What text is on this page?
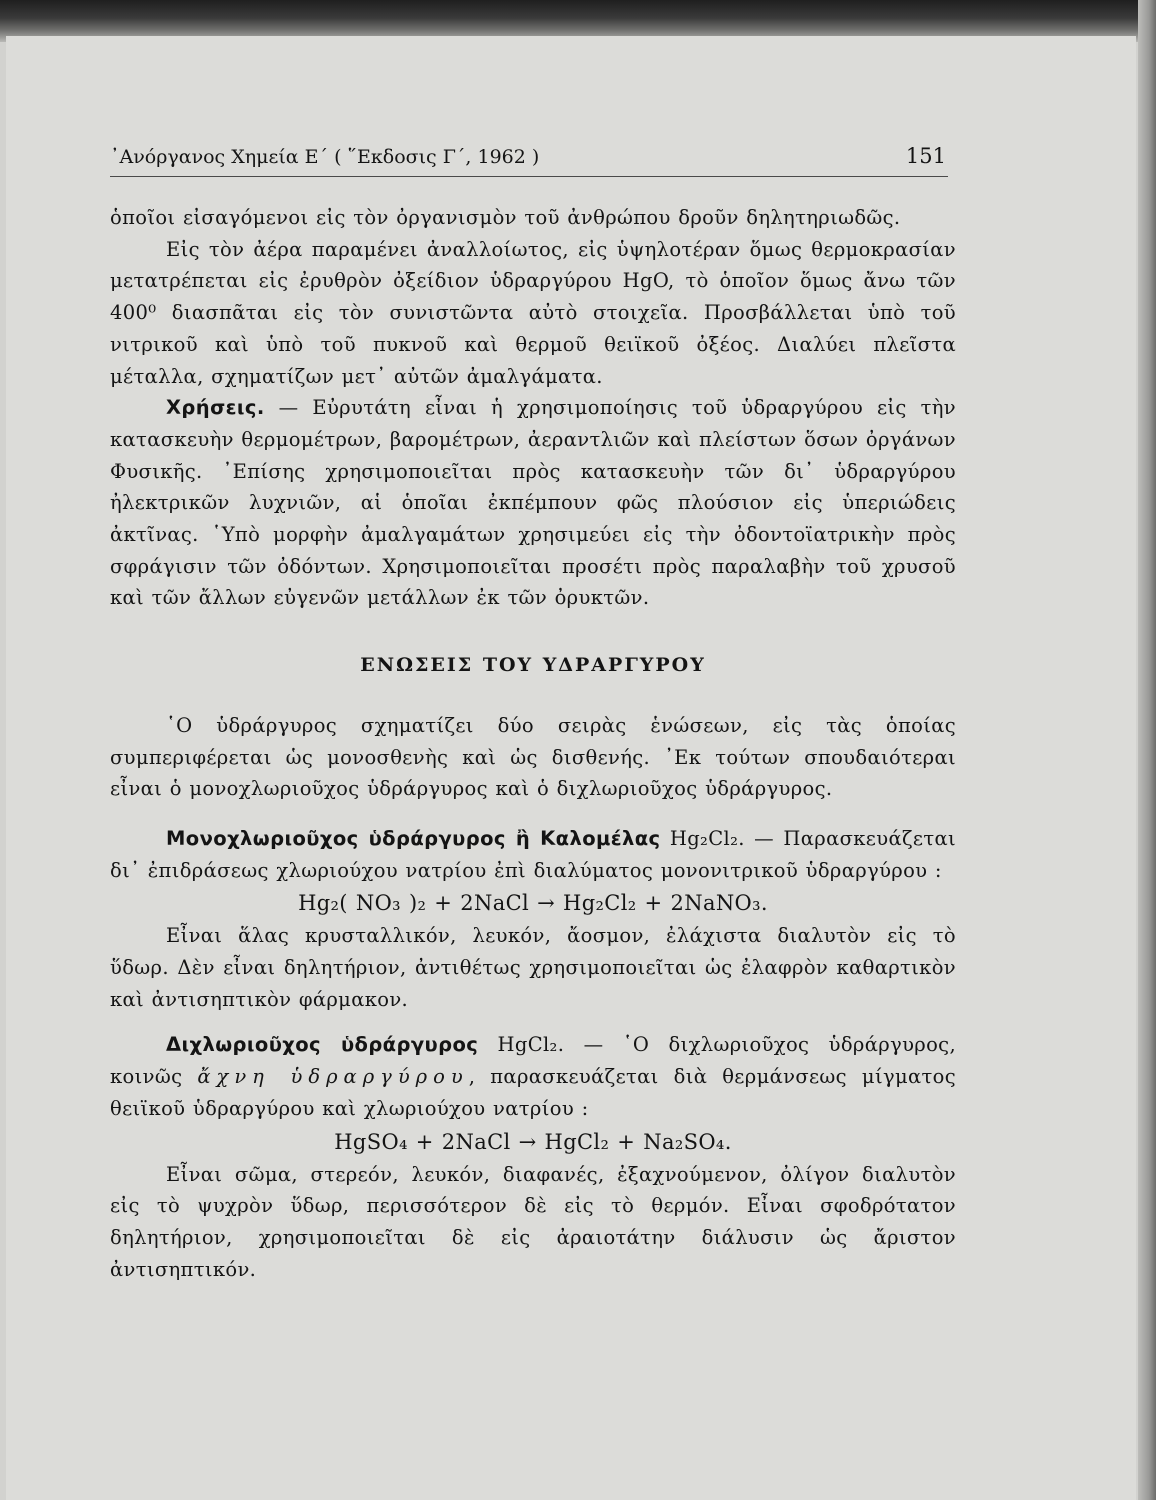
᾿Ανόργανος Χημεία Ε΄ ( ῞Εκδοσις Γ΄, 1962 )	151

ὁποῖοι εἰσαγόμενοι εἰς τὸν ὀργανισμὸν τοῦ ἀνθρώπου δροῦν δηλητηριωδῶς.

Εἰς τὸν ἀέρα παραμένει ἀναλλοίωτος, εἰς ὑψηλοτέραν ὅμως θερμοκρασίαν μετατρέπεται εἰς ἐρυθρὸν ὀξείδιον ὑδραργύρου HgO, τὸ ὁποῖον ὅμως ἄνω τῶν 400⁰ διασπᾶται εἰς τὸν συνιστῶντα αὐτὸ στοιχεῖα. Προσβάλλεται ὑπὸ τοῦ νιτρικοῦ καὶ ὑπὸ τοῦ πυκνοῦ καὶ θερμοῦ θειϊκοῦ ὀξέος. Διαλύει πλεῖστα μέταλλα, σχηματίζων μετ᾿ αὐτῶν ἀμαλγάματα.

Χρήσεις. — Εὐρυτάτη εἶναι ἡ χρησιμοποίησις τοῦ ὑδραργύρου εἰς τὴν κατασκευὴν θερμομέτρων, βαρομέτρων, ἀεραντλιῶν καὶ πλείστων ὅσων ὀργάνων Φυσικῆς. ᾿Επίσης χρησιμοποιεῖται πρὸς κατασκευὴν τῶν δι᾿ ὑδραργύρου ἠλεκτρικῶν λυχνιῶν, αἱ ὁποῖαι ἐκπέμπουν φῶς πλούσιον εἰς ὑπεριώδεις ἀκτῖνας. ῾Υπὸ μορφὴν ἀμαλγαμάτων χρησιμεύει εἰς τὴν ὀδοντοϊατρικὴν πρὸς σφράγισιν τῶν ὀδόντων. Χρησιμοποιεῖται προσέτι πρὸς παραλαβὴν τοῦ χρυσοῦ καὶ τῶν ἄλλων εὐγενῶν μετάλλων ἐκ τῶν ὀρυκτῶν.

ΕΝΩΣΕΙΣ ΤΟΥ ΥΔΡΑΡΓΥΡΟΥ

῾Ο ὑδράργυρος σχηματίζει δύο σειρὰς ἑνώσεων, εἰς τὰς ὁποίας συμπεριφέρεται ὡς μονοσθενὴς καὶ ὡς δισθενής. ᾿Εκ τούτων σπουδαιότεραι εἶναι ὁ μονοχλωριοῦχος ὑδράργυρος καὶ ὁ διχλωριοῦχος ὑδράργυρος.

Μονοχλωριοῦχος ὑδράργυρος ἢ Καλομέλας Hg₂Cl₂. — Παρασκευάζεται δι᾿ ἐπιδράσεως χλωριούχου νατρίου ἐπὶ διαλύματος μονονιτρικοῦ ὑδραργύρου :

Hg₂( NO₃ )₂ + 2NaCl → Hg₂Cl₂ + 2NaNO₃.

Εἶναι ἅλας κρυσταλλικόν, λευκόν, ἄοσμον, ἐλάχιστα διαλυτὸν εἰς τὸ ὕδωρ. Δὲν εἶναι δηλητήριον, ἀντιθέτως χρησιμοποιεῖται ὡς ἐλαφρὸν καθαρτικὸν καὶ ἀντισηπτικὸν φάρμακον.

Διχλωριοῦχος ὑδράργυρος HgCl₂. — ῾Ο διχλωριοῦχος ὑδράργυρος, κοινῶς ἄχνη ὑδραργύρου, παρασκευάζεται διὰ θερμάνσεως μίγματος θειϊκοῦ ὑδραργύρου καὶ χλωριούχου νατρίου :

HgSO₄ + 2NaCl → HgCl₂ + Na₂SO₄.

Εἶναι σῶμα, στερεόν, λευκόν, διαφανές, ἐξαχνούμενον, ὀλίγον διαλυτὸν εἰς τὸ ψυχρὸν ὕδωρ, περισσότερον δὲ εἰς τὸ θερμόν. Εἶναι σφοδρότατον δηλητήριον, χρησιμοποιεῖται δὲ εἰς ἀραιοτάτην διάλυσιν ὡς ἄριστον ἀντισηπτικόν.
